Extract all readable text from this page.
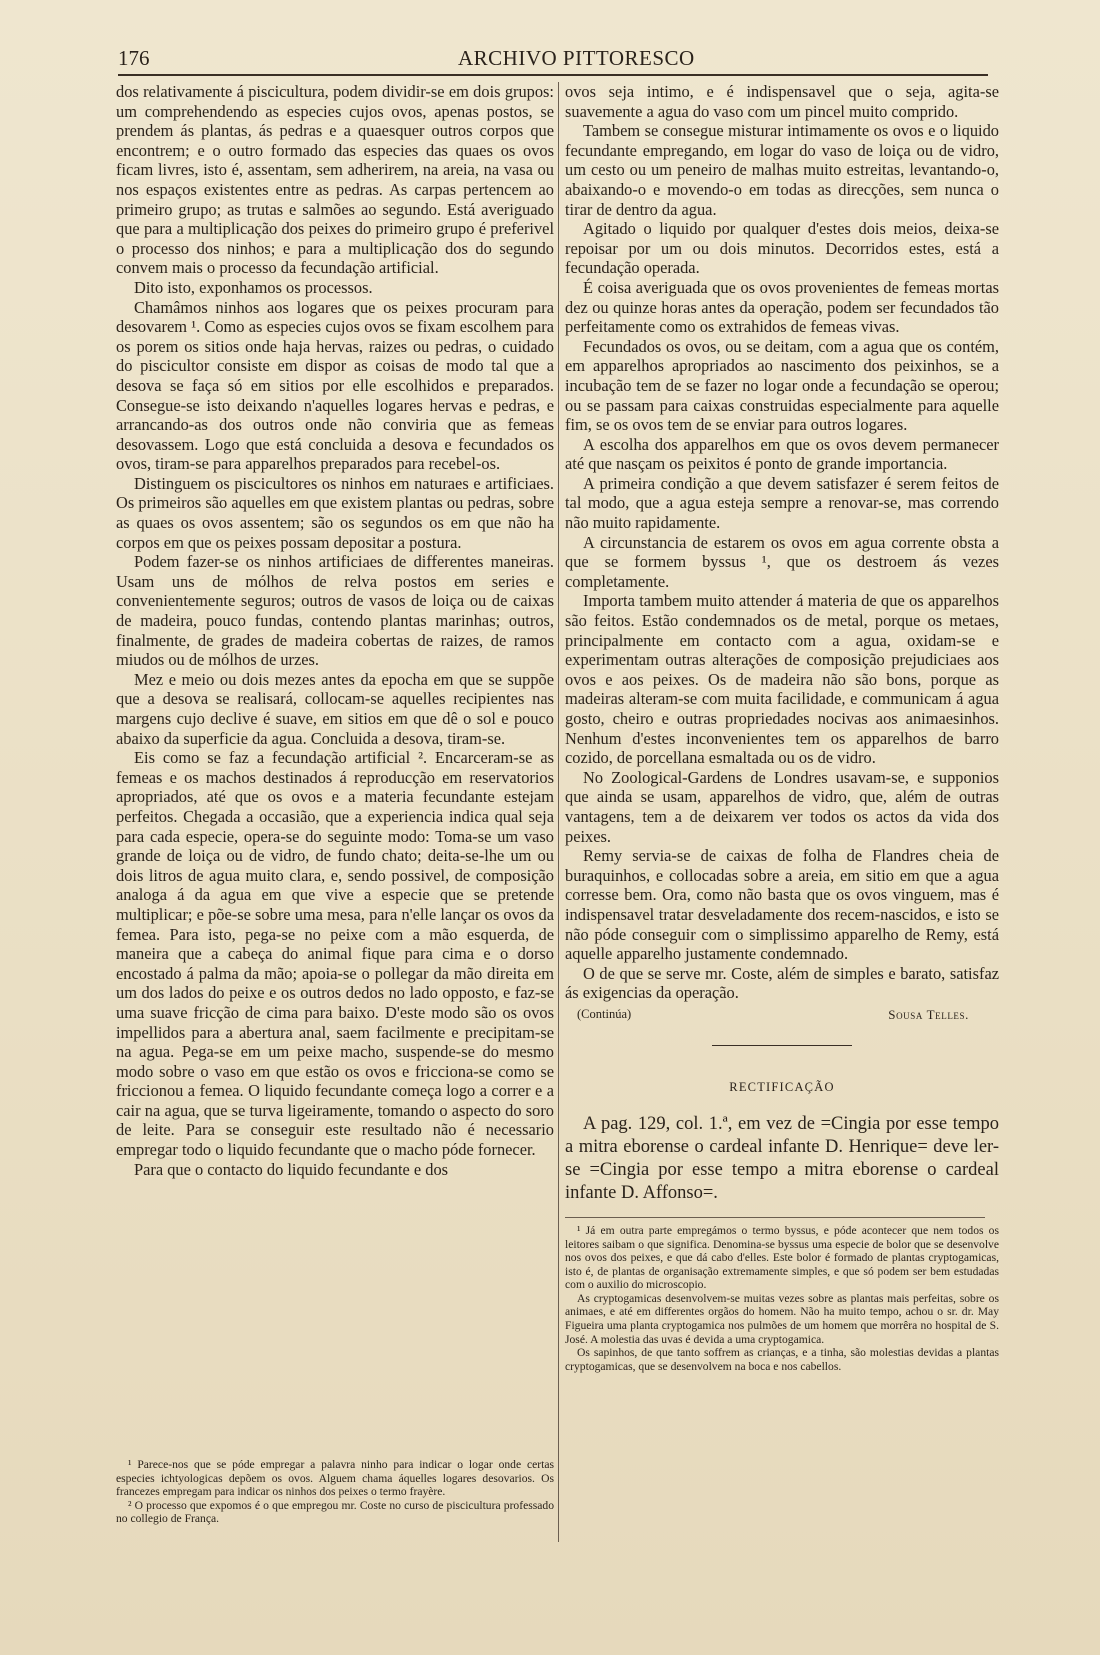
176	ARCHIVO PITTORESCO

dos relativamente á piscicultura, podem dividir-se em dois grupos: um comprehendendo as especies cujos ovos, apenas postos, se prendem ás plantas, ás pedras e a quaesquer outros corpos que encontrem; e o outro formado das especies das quaes os ovos ficam livres, isto é, assentam, sem adherirem, na areia, na vasa ou nos espaços existentes entre as pedras. As carpas pertencem ao primeiro grupo; as trutas e salmões ao segundo. Está averiguado que para a multiplicação dos peixes do primeiro grupo é preferivel o processo dos ninhos; e para a multiplicação dos do segundo convem mais o processo da fecundação artificial.

Dito isto, exponhamos os processos.

Chamâmos ninhos aos logares que os peixes procuram para desovarem ¹. Como as especies cujos ovos se fixam escolhem para os porem os sitios onde haja hervas, raizes ou pedras, o cuidado do piscicultor consiste em dispor as coisas de modo tal que a desova se faça só em sitios por elle escolhidos e preparados. Consegue-se isto deixando n'aquelles logares hervas e pedras, e arrancando-as dos outros onde não conviria que as femeas desovassem. Logo que está concluida a desova e fecundados os ovos, tiram-se para apparelhos preparados para recebel-os.

Distinguem os piscicultores os ninhos em naturaes e artificiaes. Os primeiros são aquelles em que existem plantas ou pedras, sobre as quaes os ovos assentem; são os segundos os em que não ha corpos em que os peixes possam depositar a postura.

Podem fazer-se os ninhos artificiaes de differentes maneiras. Usam uns de mólhos de relva postos em series e convenientemente seguros; outros de vasos de loiça ou de caixas de madeira, pouco fundas, contendo plantas marinhas; outros, finalmente, de grades de madeira cobertas de raizes, de ramos miudos ou de mólhos de urzes.

Mez e meio ou dois mezes antes da epocha em que se suppõe que a desova se realisará, collocam-se aquelles recipientes nas margens cujo declive é suave, em sitios em que dê o sol e pouco abaixo da superficie da agua. Concluida a desova, tiram-se.

Eis como se faz a fecundação artificial ². Encarceram-se as femeas e os machos destinados á reproducção em reservatorios apropriados, até que os ovos e a materia fecundante estejam perfeitos. Chegada a occasião, que a experiencia indica qual seja para cada especie, opera-se do seguinte modo: Toma-se um vaso grande de loiça ou de vidro, de fundo chato; deita-se-lhe um ou dois litros de agua muito clara, e, sendo possivel, de composição analoga á da agua em que vive a especie que se pretende multiplicar; e põe-se sobre uma mesa, para n'elle lançar os ovos da femea. Para isto, pega-se no peixe com a mão esquerda, de maneira que a cabeça do animal fique para cima e o dorso encostado á palma da mão; apoia-se o pollegar da mão direita em um dos lados do peixe e os outros dedos no lado opposto, e faz-se uma suave fricção de cima para baixo. D'este modo são os ovos impellidos para a abertura anal, saem facilmente e precipitam-se na agua. Pega-se em um peixe macho, suspende-se do mesmo modo sobre o vaso em que estão os ovos e fricciona-se como se friccionou a femea. O liquido fecundante começa logo a correr e a cair na agua, que se turva ligeiramente, tomando o aspecto do soro de leite. Para se conseguir este resultado não é necessario empregar todo o liquido fecundante que o macho póde fornecer.

Para que o contacto do liquido fecundante e dos

¹ Parece-nos que se póde empregar a palavra ninho para indicar o logar onde certas especies ichtyologicas depõem os ovos. Alguem chama áquelles logares desovarios. Os francezes empregam para indicar os ninhos dos peixes o termo frayère.

² O processo que expomos é o que empregou mr. Coste no curso de piscicultura professado no collegio de França.

ovos seja intimo, e é indispensavel que o seja, agita-se suavemente a agua do vaso com um pincel muito comprido.

Tambem se consegue misturar intimamente os ovos e o liquido fecundante empregando, em logar do vaso de loiça ou de vidro, um cesto ou um peneiro de malhas muito estreitas, levantando-o, abaixando-o e movendo-o em todas as direcções, sem nunca o tirar de dentro da agua.

Agitado o liquido por qualquer d'estes dois meios, deixa-se repoisar por um ou dois minutos. Decorridos estes, está a fecundação operada.

É coisa averiguada que os ovos provenientes de femeas mortas dez ou quinze horas antes da operação, podem ser fecundados tão perfeitamente como os extrahidos de femeas vivas.

Fecundados os ovos, ou se deitam, com a agua que os contém, em apparelhos apropriados ao nascimento dos peixinhos, se a incubação tem de se fazer no logar onde a fecundação se operou; ou se passam para caixas construidas especialmente para aquelle fim, se os ovos tem de se enviar para outros logares.

A escolha dos apparelhos em que os ovos devem permanecer até que nasçam os peixitos é ponto de grande importancia.

A primeira condição a que devem satisfazer é serem feitos de tal modo, que a agua esteja sempre a renovar-se, mas correndo não muito rapidamente.

A circunstancia de estarem os ovos em agua corrente obsta a que se formem byssus ¹, que os destroem ás vezes completamente.

Importa tambem muito attender á materia de que os apparelhos são feitos. Estão condemnados os de metal, porque os metaes, principalmente em contacto com a agua, oxidam-se e experimentam outras alterações de composição prejudiciaes aos ovos e aos peixes. Os de madeira não são bons, porque as madeiras alteram-se com muita facilidade, e communicam á agua gosto, cheiro e outras propriedades nocivas aos animaesinhos. Nenhum d'estes inconvenientes tem os apparelhos de barro cozido, de porcellana esmaltada ou os de vidro.

No Zoological-Gardens de Londres usavam-se, e supponios que ainda se usam, apparelhos de vidro, que, além de outras vantagens, tem a de deixarem ver todos os actos da vida dos peixes.

Remy servia-se de caixas de folha de Flandres cheia de buraquinhos, e collocadas sobre a areia, em sitio em que a agua corresse bem. Ora, como não basta que os ovos vinguem, mas é indispensavel tratar desveladamente dos recem-nascidos, e isto se não póde conseguir com o simplissimo apparelho de Remy, está aquelle apparelho justamente condemnado.

O de que se serve mr. Coste, além de simples e barato, satisfaz ás exigencias da operação.

(Continúa)	Sousa Telles.
RECTIFICAÇÃO
A pag. 129, col. 1.ª, em vez de =Cingia por esse tempo a mitra eborense o cardeal infante D. Henrique= deve ler-se =Cingia por esse tempo a mitra eborense o cardeal infante D. Affonso=.

¹ Já em outra parte empregámos o termo byssus, e póde acontecer que nem todos os leitores saibam o que significa. Denomina-se byssus uma especie de bolor que se desenvolve nos ovos dos peixes, e que dá cabo d'elles. Este bolor é formado de plantas cryptogamicas, isto é, de plantas de organisação extremamente simples, e que só podem ser bem estudadas com o auxilio do microscopio.

As cryptogamicas desenvolvem-se muitas vezes sobre as plantas mais perfeitas, sobre os animaes, e até em differentes orgãos do homem. Não ha muito tempo, achou o sr. dr. May Figueira uma planta cryptogamica nos pulmões de um homem que morrêra no hospital de S. José. A molestia das uvas é devida a uma cryptogamica.

Os sapinhos, de que tanto soffrem as crianças, e a tinha, são molestias devidas a plantas cryptogamicas, que se desenvolvem na boca e nos cabellos.
